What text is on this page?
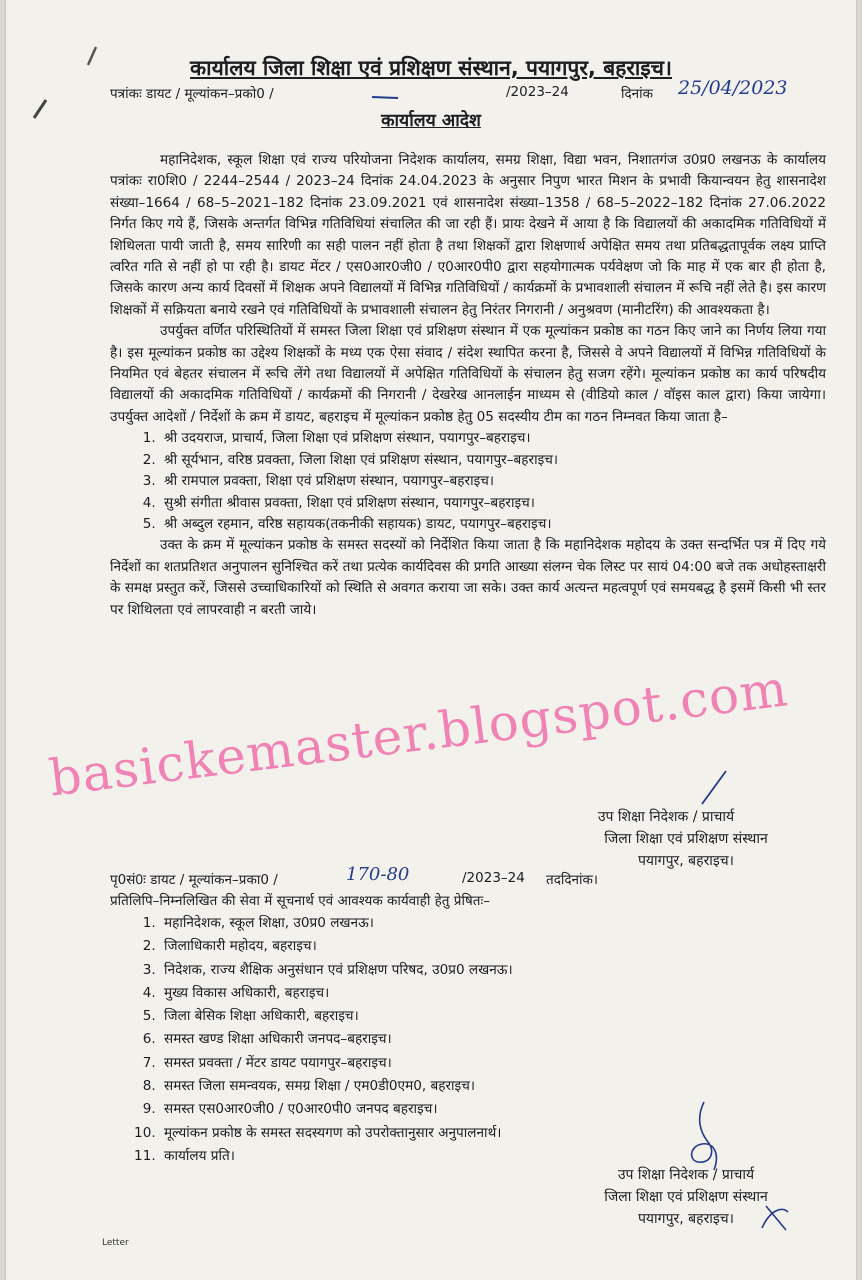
कार्यालय जिला शिक्षा एवं प्रशिक्षण संस्थान, पयागपुर, बहराइच।
पत्रांकः डायट / मूल्यांकन–प्रको0 /	/2023–24	दिनांक 25/04/2023
कार्यालय आदेश

महानिदेशक, स्कूल शिक्षा एवं राज्य परियोजना निदेशक कार्यालय, समग्र शिक्षा, विद्या भवन, निशातगंज उ0प्र0 लखनऊ के कार्यालय पत्रांकः रा0शि0 / 2244–2544 / 2023–24 दिनांक 24.04.2023 के अनुसार निपुण भारत मिशन के प्रभावी कियान्वयन हेतु शासनादेश संख्या–1664 / 68–5–2021–182 दिनांक 23.09.2021 एवं शासनादेश संख्या–1358 / 68–5–2022–182 दिनांक 27.06.2022 निर्गत किए गये हैं, जिसके अन्तर्गत विभिन्न गतिविधियां संचालित की जा रही हैं। प्रायः देखने में आया है कि विद्यालयों की अकादमिक गतिविधियों में शिथिलता पायी जाती है, समय सारिणी का सही पालन नहीं होता है तथा शिक्षकों द्वारा शिक्षणार्थ अपेक्षित समय तथा प्रतिबद्धतापूर्वक लक्ष्य प्राप्ति त्वरित गति से नहीं हो पा रही है। डायट मेंटर / एस0आर0जी0 / ए0आर0पी0 द्वारा सहयोगात्मक पर्यवेक्षण जो कि माह में एक बार ही होता है, जिसके कारण अन्य कार्य दिवसों में शिक्षक अपने विद्यालयों में विभिन्न गतिविधियों / कार्यक्रमों के प्रभावशाली संचालन में रूचि नहीं लेते है। इस कारण शिक्षकों में सक्रियता बनाये रखने एवं गतिविधियों के प्रभावशाली संचालन हेतु निरंतर निगरानी / अनुश्रवण (मानीटरिंग) की आवश्यकता है।

उपर्युक्त वर्णित परिस्थितियों में समस्त जिला शिक्षा एवं प्रशिक्षण संस्थान में एक मूल्यांकन प्रकोष्ठ का गठन किए जाने का निर्णय लिया गया है। इस मूल्यांकन प्रकोष्ठ का उद्देश्य शिक्षकों के मध्य एक ऐसा संवाद / संदेश स्थापित करना है, जिससे वे अपने विद्यालयों में विभिन्न गतिविधियों के नियमित एवं बेहतर संचालन में रूचि लेंगे तथा विद्यालयों में अपेक्षित गतिविधियों के संचालन हेतु सजग रहेंगे। मूल्यांकन प्रकोष्ठ का कार्य परिषदीय विद्यालयों की अकादमिक गतिविधियों / कार्यक्रमों की निगरानी / देखरेख आनलाईन माध्यम से (वीडियो काल / वॉइस काल द्वारा) किया जायेगा। उपर्युक्त आदेशों / निर्देशों के क्रम में डायट, बहराइच में मूल्यांकन प्रकोष्ठ हेतु 05 सदस्यीय टीम का गठन निम्नवत किया जाता है–

1. श्री उदयराज, प्राचार्य, जिला शिक्षा एवं प्रशिक्षण संस्थान, पयागपुर–बहराइच।
2. श्री सूर्यभान, वरिष्ठ प्रवक्ता, जिला शिक्षा एवं प्रशिक्षण संस्थान, पयागपुर–बहराइच।
3. श्री रामपाल प्रवक्ता, शिक्षा एवं प्रशिक्षण संस्थान, पयागपुर–बहराइच।
4. सुश्री संगीता श्रीवास प्रवक्ता, शिक्षा एवं प्रशिक्षण संस्थान, पयागपुर–बहराइच।
5. श्री अब्दुल रहमान, वरिष्ठ सहायक(तकनीकी सहायक) डायट, पयागपुर–बहराइच।

उक्त के क्रम में मूल्यांकन प्रकोष्ठ के समस्त सदस्यों को निर्देशित किया जाता है कि महानिदेशक महोदय के उक्त सन्दर्भित पत्र में दिए गये निर्देशों का शतप्रतिशत अनुपालन सुनिश्चित करें तथा प्रत्येक कार्यदिवस की प्रगति आख्या संलग्न चेक लिस्ट पर सायं 04:00 बजे तक अधोहस्ताक्षरी के समक्ष प्रस्तुत करें, जिससे उच्चाधिकारियों को स्थिति से अवगत कराया जा सके। उक्त कार्य अत्यन्त महत्वपूर्ण एवं समयबद्ध है इसमें किसी भी स्तर पर शिथिलता एवं लापरवाही न बरती जाये।

उप शिक्षा निदेशक / प्राचार्य
जिला शिक्षा एवं प्रशिक्षण संस्थान
पयागपुर, बहराइच।
basickemaster.blogspot.com
पृ0सं0ः डायट / मूल्यांकन–प्रका0 /	170-80	/2023–24 तददिनांक।
प्रतिलिपि–निम्नलिखित की सेवा में सूचनार्थ एवं आवश्यक कार्यवाही हेतु प्रेषितः–
1. महानिदेशक, स्कूल शिक्षा, उ0प्र0 लखनऊ।
2. जिलाधिकारी महोदय, बहराइच।
3. निदेशक, राज्य शैक्षिक अनुसंधान एवं प्रशिक्षण परिषद, उ0प्र0 लखनऊ।
4. मुख्य विकास अधिकारी, बहराइच।
5. जिला बेसिक शिक्षा अधिकारी, बहराइच।
6. समस्त खण्ड शिक्षा अधिकारी जनपद–बहराइच।
7. समस्त प्रवक्ता / मेंटर डायट पयागपुर–बहराइच।
8. समस्त जिला समन्वयक, समग्र शिक्षा / एम0डी0एम0, बहराइच।
9. समस्त एस0आर0जी0 / ए0आर0पी0 जनपद बहराइच।
10. मूल्यांकन प्रकोष्ठ के समस्त सदस्यगण को उपरोक्तानुसार अनुपालनार्थ।
11. कार्यालय प्रति।
उप शिक्षा निदेशक / प्राचार्य
जिला शिक्षा एवं प्रशिक्षण संस्थान
पयागपुर, बहराइच।
Letter
